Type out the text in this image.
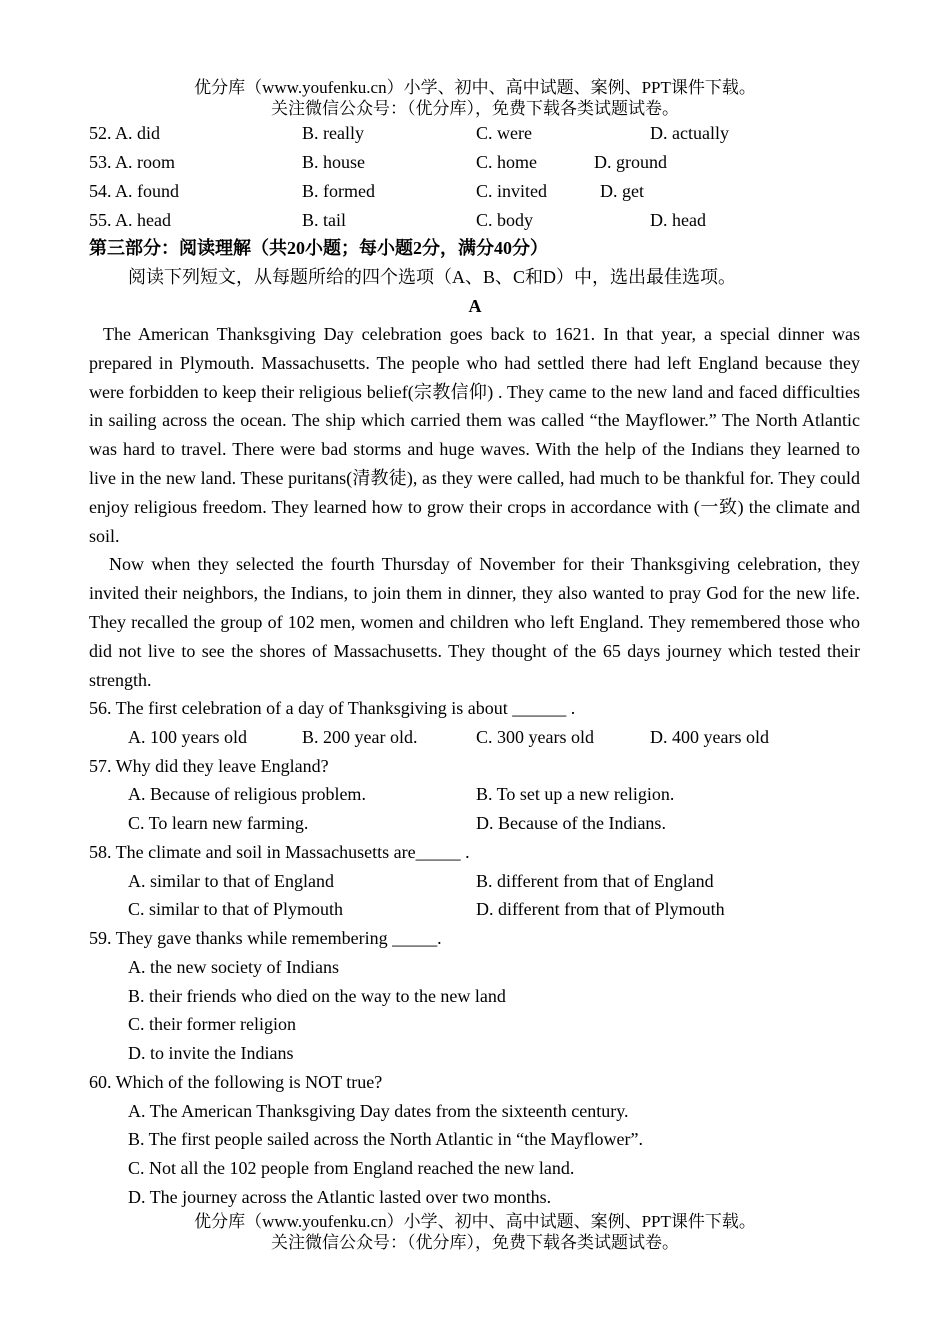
优分库（www.youfenku.cn）小学、初中、高中试题、案例、PPT课件下载。
关注微信公众号：（优分库），免费下载各类试题试卷。
52. A. did	B. really	C. were	D. actually
53. A. room	B. house	C. home	D. ground
54. A. found	B. formed	C. invited	D. get
55. A. head	B. tail	C. body	D. head
第三部分：阅读理解（共20小题；每小题2分，满分40分）
阅读下列短文，从每题所给的四个选项（A、B、C和D）中，选出最佳选项。
A

The American Thanksgiving Day celebration goes back to 1621. In that year, a special dinner was prepared in Plymouth. Massachusetts. The people who had settled there had left England because they were forbidden to keep their religious belief(宗教信仰) . They came to the new land and faced difficulties in sailing across the ocean. The ship which carried them was called “the Mayflower.” The North Atlantic was hard to travel. There were bad storms and huge waves. With the help of the Indians they learned to live in the new land. These puritans(清教徒), as they were called, had much to be thankful for. They could enjoy religious freedom. They learned how to grow their crops in accordance with (一致) the climate and soil.

Now when they selected the fourth Thursday of November for their Thanksgiving celebration, they invited their neighbors, the Indians, to join them in dinner, they also wanted to pray God for the new life. They recalled the group of 102 men, women and children who left England. They remembered those who did not live to see the shores of Massachusetts. They thought of the 65 days journey which tested their strength.

56. The first celebration of a day of Thanksgiving is about ______ .
A. 100 years old	B. 200 year old.	C. 300 years old	D. 400 years old
57. Why did they leave England?
A. Because of religious problem.	B. To set up a new religion.
C. To learn new farming.	D. Because of the Indians.
58. The climate and soil in Massachusetts are_____ .
A. similar to that of England	B. different from that of England
C. similar to that of Plymouth	D. different from that of Plymouth
59. They gave thanks while remembering _____.
A. the new society of Indians
B. their friends who died on the way to the new land
C. their former religion
D. to invite the Indians
60. Which of the following is NOT true?
A. The American Thanksgiving Day dates from the sixteenth century.
B. The first people sailed across the North Atlantic in “the Mayflower”.
C. Not all the 102 people from England reached the new land.
D. The journey across the Atlantic lasted over two months.
优分库（www.youfenku.cn）小学、初中、高中试题、案例、PPT课件下载。
关注微信公众号：（优分库），免费下载各类试题试卷。
